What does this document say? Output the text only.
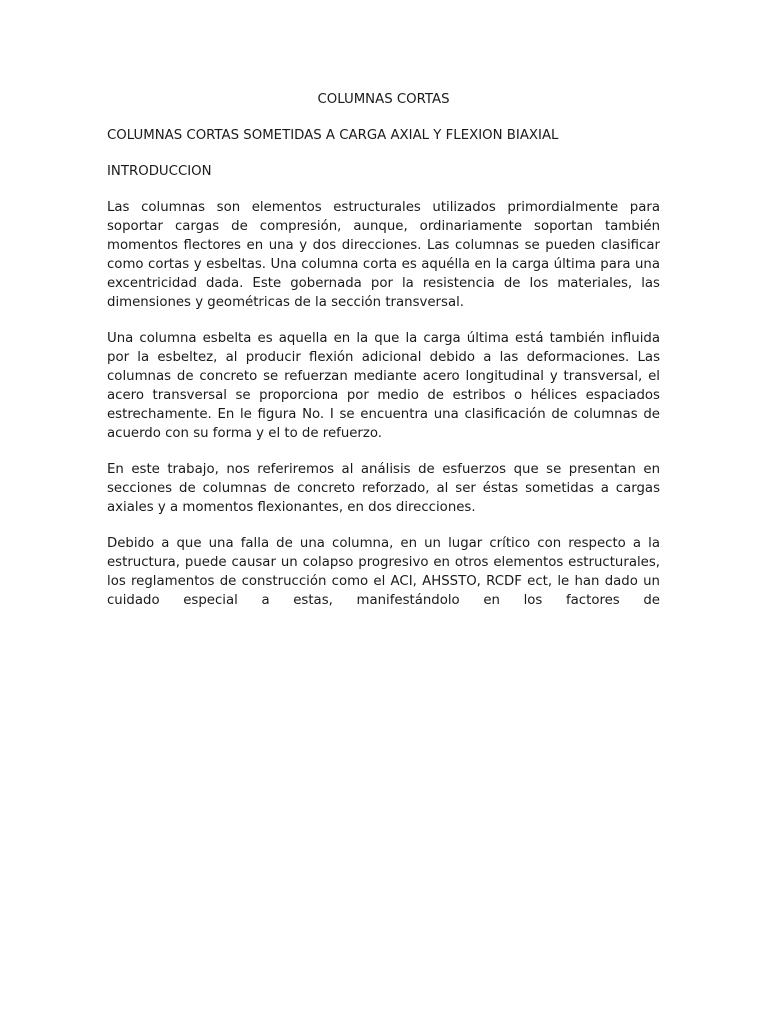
COLUMNAS CORTAS
COLUMNAS CORTAS SOMETIDAS A CARGA AXIAL Y FLEXION BIAXIAL
INTRODUCCION

Las columnas son elementos estructurales utilizados primordialmente para soportar cargas de compresión, aunque, ordinariamente soportan también momentos flectores en una y dos direcciones. Las columnas se pueden clasificar como cortas y esbeltas. Una columna corta es aquélla en la carga última para una excentricidad dada. Este gobernada por la resistencia de los materiales, las dimensiones y geométricas de la sección transversal.

Una columna esbelta es aquella en la que la carga última está también influida por la esbeltez, al producir flexión adicional debido a las deformaciones. Las columnas de concreto se refuerzan mediante acero longitudinal y transversal, el acero transversal se proporciona por medio de estribos o hélices espaciados estrechamente. En le figura No. I se encuentra una clasificación de columnas de acuerdo con su forma y el to de refuerzo.

En este trabajo, nos referiremos al análisis de esfuerzos que se presentan en secciones de columnas de concreto reforzado, al ser éstas sometidas a cargas axiales y a momentos flexionantes, en dos direcciones.

Debido a que una falla de una columna, en un lugar crítico con respecto a la estructura, puede causar un colapso progresivo en otros elementos estructurales, los reglamentos de construcción como el ACI, AHSSTO, RCDF ect, le han dado un cuidado especial a estas, manifestándolo en los factores de
